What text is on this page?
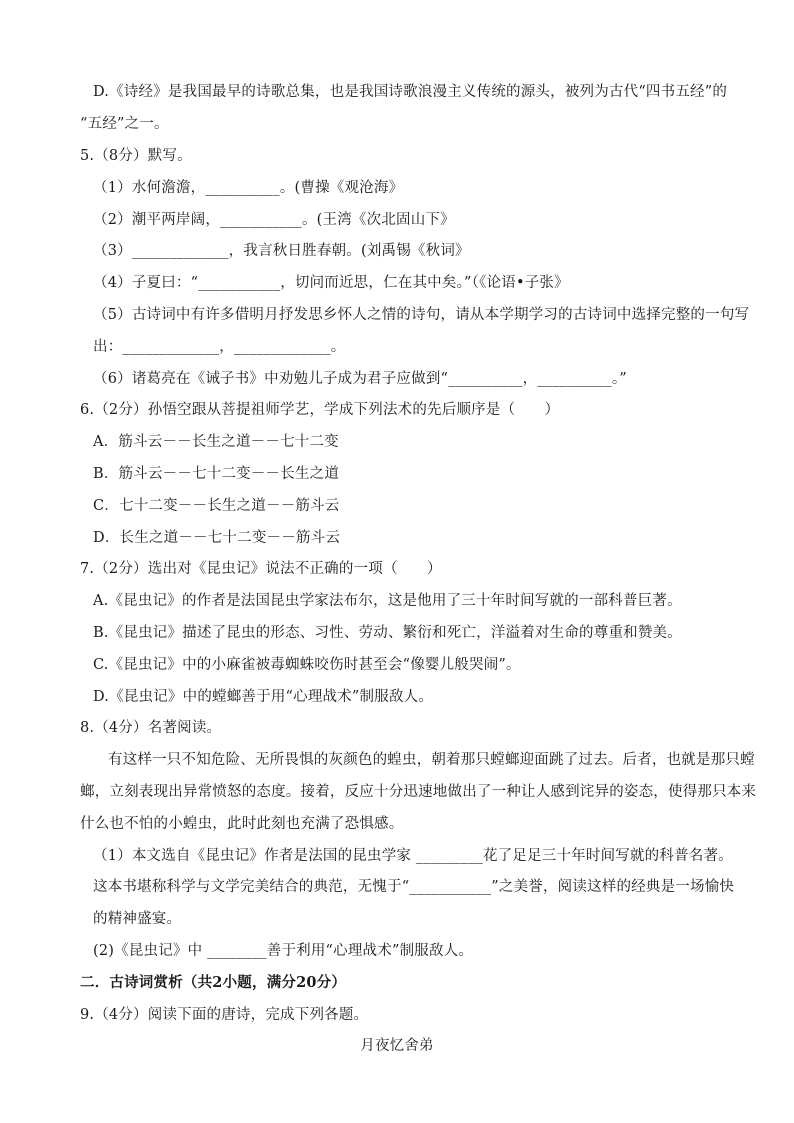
D.《诗经》是我国最早的诗歌总集，也是我国诗歌浪漫主义传统的源头，被列为古代“四书五经”的
“五经”之一。
5.（8分）默写。
（1）水何澹澹，__________。(曹操《观沧海》
（2）潮平两岸阔，___________。(王湾《次北固山下》
（3）_____________，我言秋日胜春朝。(刘禹锡《秋词》
（4）子夏曰：“___________，切问而近思，仁在其中矣。”（《论语•子张》
（5）古诗词中有许多借明月抒发思乡怀人之情的诗句，请从本学期学习的古诗词中选择完整的一句写
出：_____________，_____________。
（6）诸葛亮在《诫子书》中劝勉儿子成为君子应做到“__________，__________。”
6.（2分）孙悟空跟从菩提祖师学艺，学成下列法术的先后顺序是（　　）
A．筋斗云－－长生之道－－七十二变
B．筋斗云－－七十二变－－长生之道
C．七十二变－－长生之道－－筋斗云
D．长生之道－－七十二变－－筋斗云
7.（2分）选出对《昆虫记》说法不正确的一项（　　）
A.《昆虫记》的作者是法国昆虫学家法布尔，这是他用了三十年时间写就的一部科普巨著。
B.《昆虫记》描述了昆虫的形态、习性、劳动、繁衍和死亡，洋溢着对生命的尊重和赞美。
C.《昆虫记》中的小麻雀被毒蜘蛛咬伤时甚至会“像婴儿般哭闹”。
D.《昆虫记》中的螳螂善于用“心理战术”制服敌人。
8.（4分）名著阅读。
有这样一只不知危险、无所畏惧的灰颜色的蝗虫，朝着那只螳螂迎面跳了过去。后者，也就是那只螳
螂，立刻表现出异常愤怒的态度。接着，反应十分迅速地做出了一种让人感到诧异的姿态，使得那只本来
什么也不怕的小蝗虫，此时此刻也充满了恐惧感。
（1）本文选自《昆虫记》作者是法国的昆虫学家 _________花了足足三十年时间写就的科普名著。
这本书堪称科学与文学完美结合的典范，无愧于“___________”之美誉，阅读这样的经典是一场愉快
的精神盛宴。
(2)《昆虫记》中 ________善于利用“心理战术”制服敌人。
二．古诗词赏析（共2小题，满分20分）
9.（4分）阅读下面的唐诗，完成下列各题。
月夜忆舍弟
